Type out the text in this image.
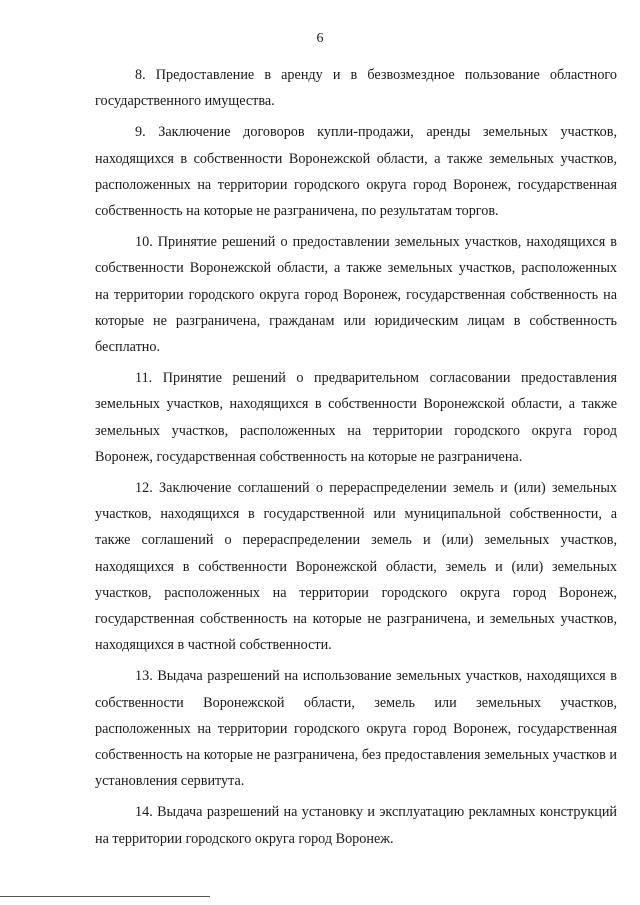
6

8. Предоставление в аренду и в безвозмездное пользование областного государственного имущества.

9. Заключение договоров купли-продажи, аренды земельных участков, находящихся в собственности Воронежской области, а также земельных участков, расположенных на территории городского округа город Воронеж, государственная собственность на которые не разграничена, по результатам торгов.

10. Принятие решений о предоставлении земельных участков, находящихся в собственности Воронежской области, а также земельных участков, расположенных на территории городского округа город Воронеж, государственная собственность на которые не разграничена, гражданам или юридическим лицам в собственность бесплатно.

11. Принятие решений о предварительном согласовании предоставления земельных участков, находящихся в собственности Воронежской области, а также земельных участков, расположенных на территории городского округа город Воронеж, государственная собственность на которые не разграничена.

12. Заключение соглашений о перераспределении земель и (или) земельных участков, находящихся в государственной или муниципальной собственности, а также соглашений о перераспределении земель и (или) земельных участков, находящихся в собственности Воронежской области, земель и (или) земельных участков, расположенных на территории городского округа город Воронеж, государственная собственность на которые не разграничена, и земельных участков, находящихся в частной собственности.

13. Выдача разрешений на использование земельных участков, находящихся в собственности Воронежской области, земель или земельных участков, расположенных на территории городского округа город Воронеж, государственная собственность на которые не разграничена, без предоставления земельных участков и установления сервитута.

14. Выдача разрешений на установку и эксплуатацию рекламных конструкций на территории городского округа город Воронеж.
